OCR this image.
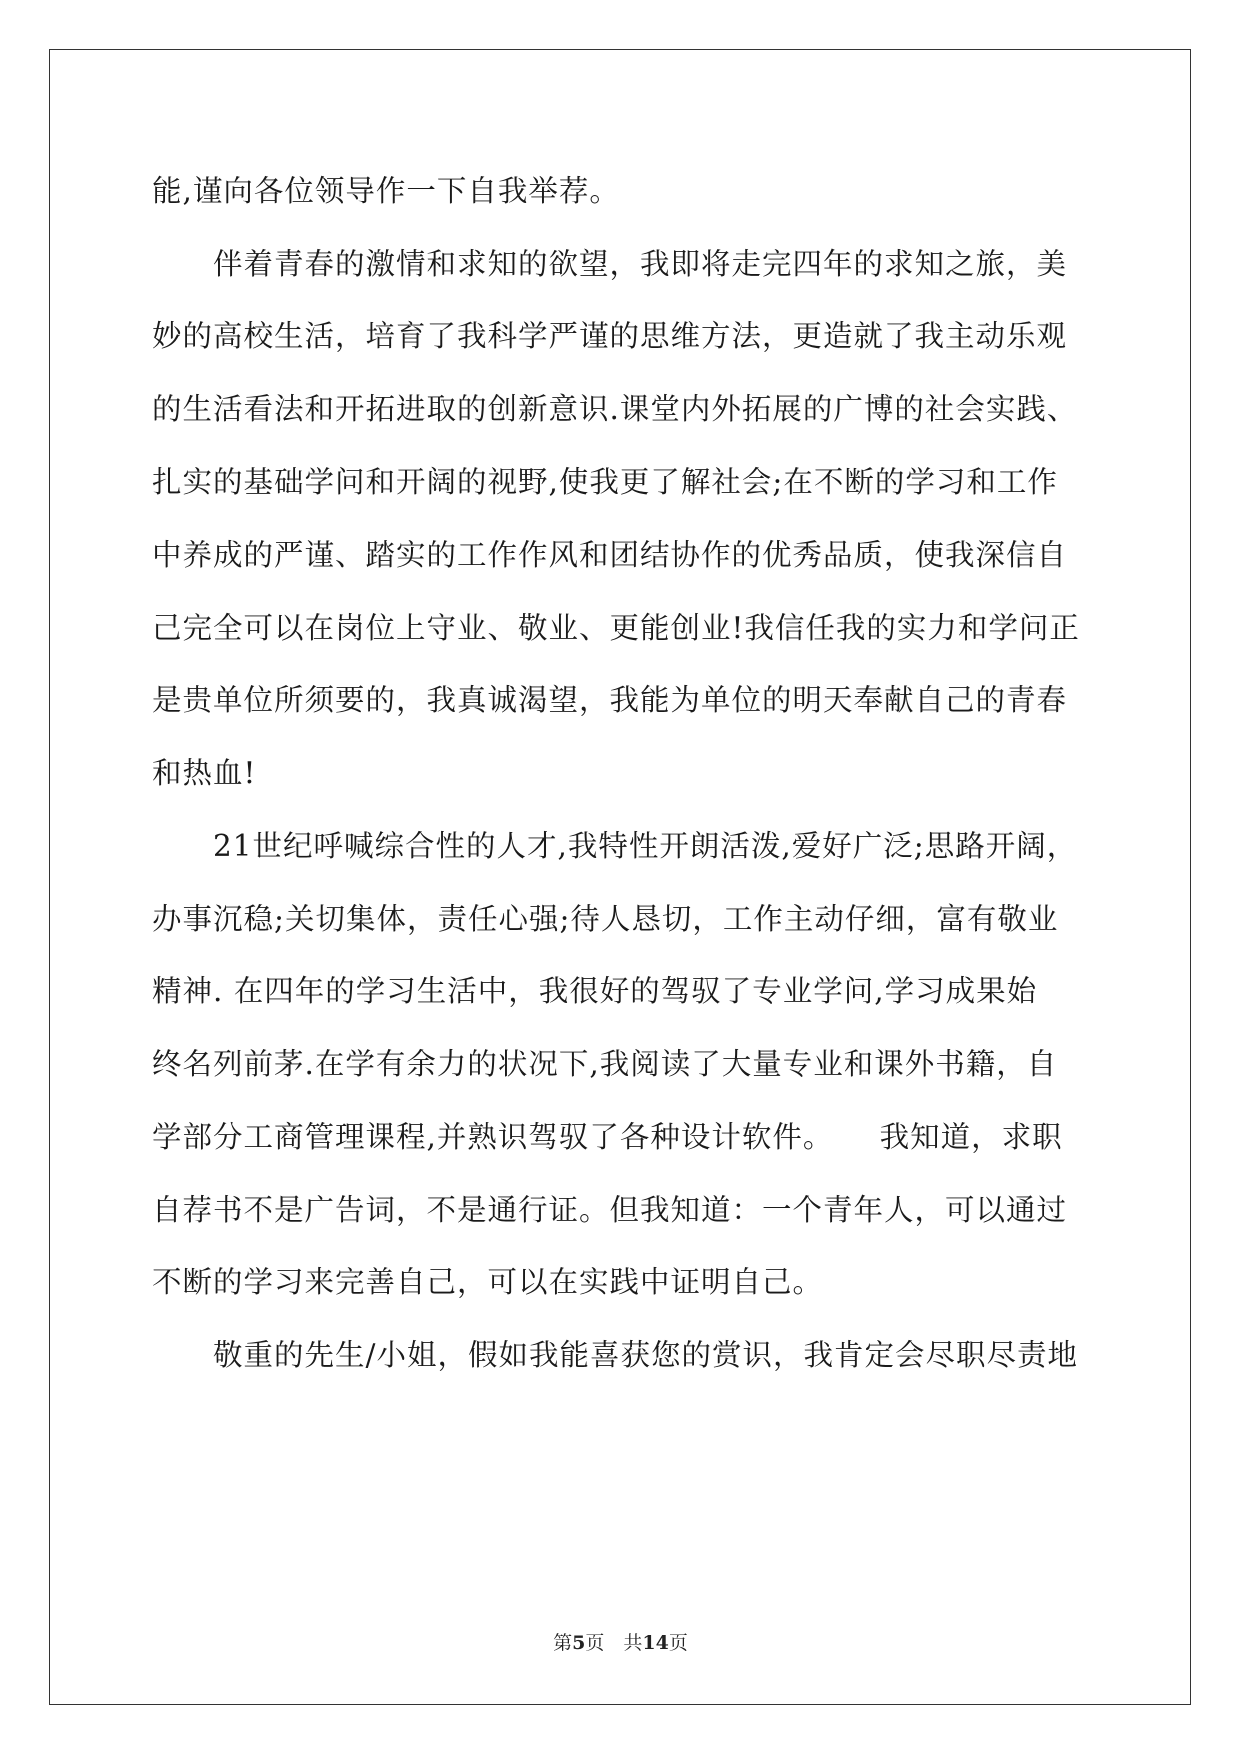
能,谨向各位领导作一下自我举荐。
　　伴着青春的激情和求知的欲望，我即将走完四年的求知之旅，美
妙的高校生活，培育了我科学严谨的思维方法，更造就了我主动乐观
的生活看法和开拓进取的创新意识.课堂内外拓展的广博的社会实践、
扎实的基础学问和开阔的视野,使我更了解社会;在不断的学习和工作
中养成的严谨、踏实的工作作风和团结协作的优秀品质，使我深信自
己完全可以在岗位上守业、敬业、更能创业!我信任我的实力和学问正
是贵单位所须要的，我真诚渴望，我能为单位的明天奉献自己的青春
和热血!
　　21世纪呼喊综合性的人才,我特性开朗活泼,爱好广泛;思路开阔，
办事沉稳;关切集体，责任心强;待人恳切，工作主动仔细，富有敬业
精神. 在四年的学习生活中，我很好的驾驭了专业学问,学习成果始
终名列前茅.在学有余力的状况下,我阅读了大量专业和课外书籍，自
学部分工商管理课程,并熟识驾驭了各种设计软件。　　我知道，求职
自荐书不是广告词，不是通行证。但我知道：一个青年人，可以通过
不断的学习来完善自己，可以在实践中证明自己。
　　敬重的先生/小姐，假如我能喜获您的赏识，我肯定会尽职尽责地
第5页　共14页
